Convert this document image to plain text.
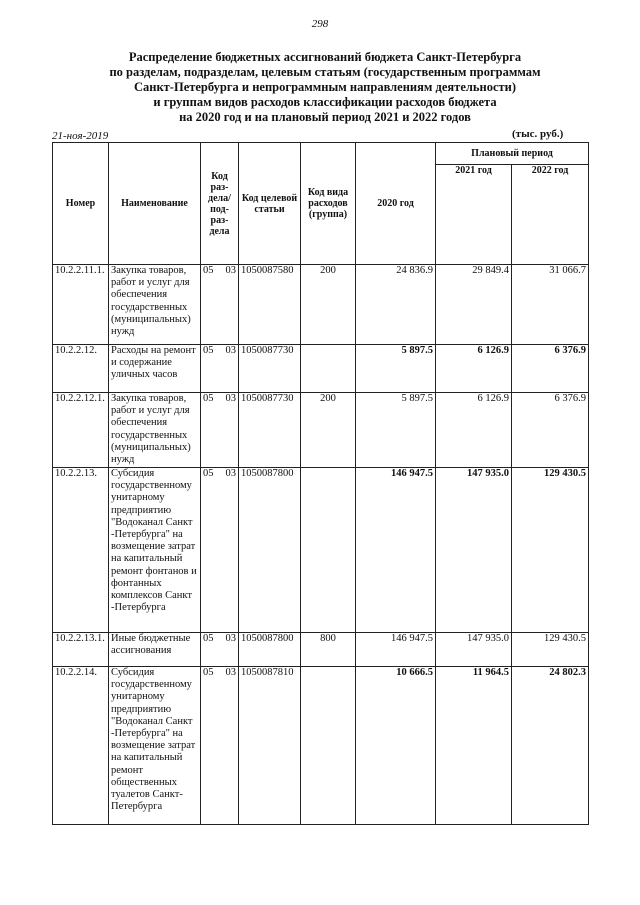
298
Распределение бюджетных ассигнований бюджета Санкт-Петербурга
по разделам, подразделам, целевым статьям (государственным программам
Санкт-Петербурга и непрограммным направлениям деятельности)
и группам видов расходов классификации расходов бюджета
на 2020 год и на плановый период 2021 и 2022 годов
21-ноя-2019	(тыс. руб.)
Номер	Наименование	Код раз-дела/ под-раз-дела	Код целевой статьи	Код вида расходов (группа)	2020 год	Плановый период	
						2021 год	2022 год
10.2.2.11.1.	Закупка товаров, работ и услуг для обеспечения государственных (муниципальных) нужд	05 03	1050087580	200	24 836.9	29 849.4	31 066.7
10.2.2.12.	Расходы на ремонт и содержание уличных часов	05 03	1050087730		5 897.5	6 126.9	6 376.9
10.2.2.12.1.	Закупка товаров, работ и услуг для обеспечения государственных (муниципальных) нужд	05 03	1050087730	200	5 897.5	6 126.9	6 376.9
10.2.2.13.	Субсидия государственному унитарному предприятию "Водоканал Санкт -Петербурга" на возмещение затрат на капитальный ремонт фонтанов и фонтанных комплексов Санкт -Петербурга	05 03	1050087800		146 947.5	147 935.0	129 430.5
10.2.2.13.1.	Иные бюджетные ассигнования	05 03	1050087800	800	146 947.5	147 935.0	129 430.5
10.2.2.14.	Субсидия государственному унитарному предприятию "Водоканал Санкт -Петербурга" на возмещение затрат на капитальный ремонт общественных туалетов Санкт-Петербурга	05 03	1050087810		10 666.5	11 964.5	24 802.3
